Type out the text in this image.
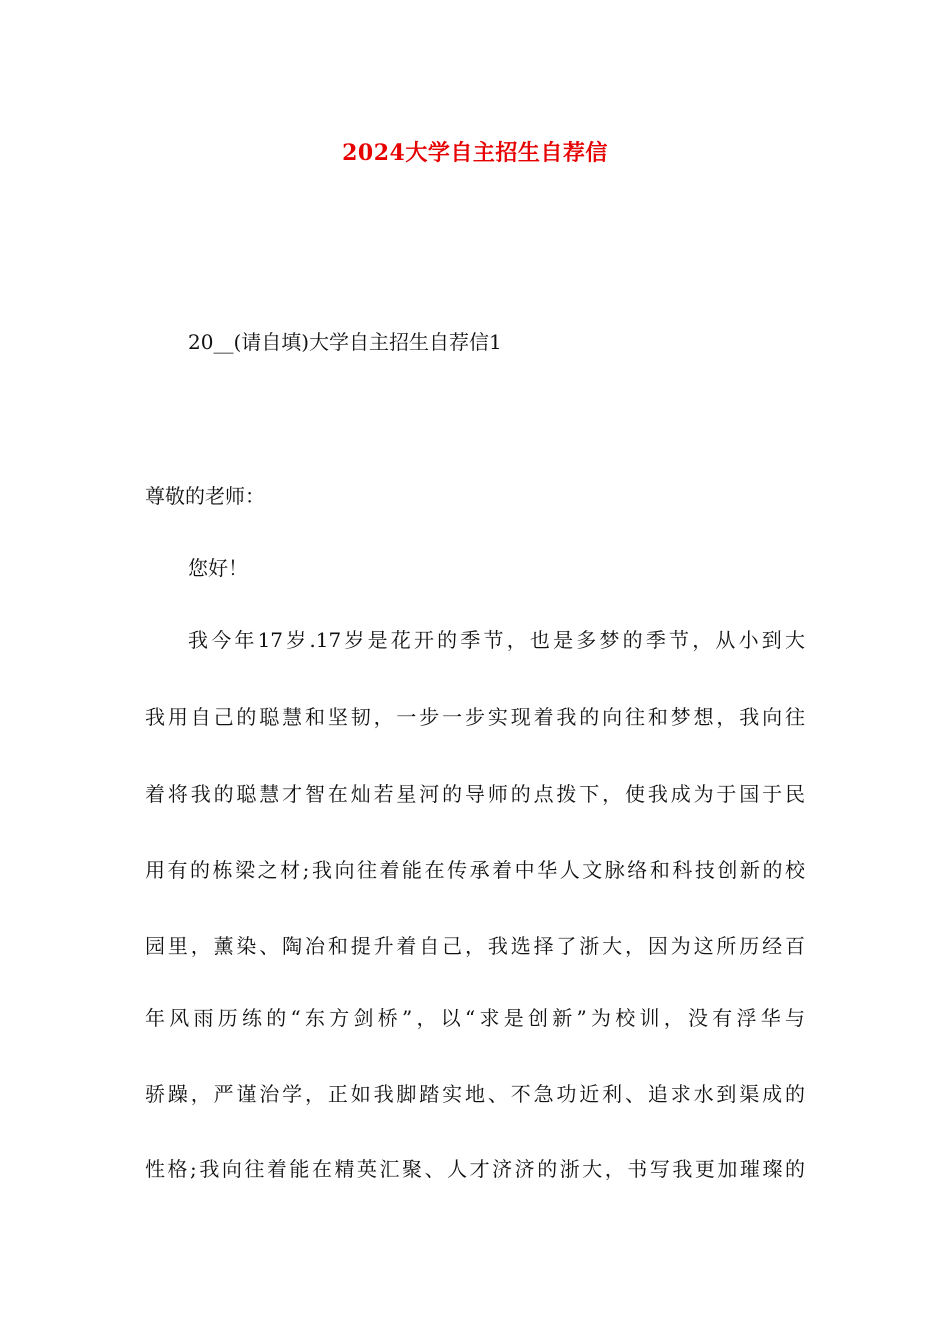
2024大学自主招生自荐信
20__(请自填)大学自主招生自荐信1
尊敬的老师：
您好！
我今年17岁.17岁是花开的季节，也是多梦的季节，从小到大
我用自己的聪慧和坚韧，一步一步实现着我的向往和梦想，我向往
着将我的聪慧才智在灿若星河的导师的点拨下，使我成为于国于民
用有的栋梁之材;我向往着能在传承着中华人文脉络和科技创新的校
园里，薰染、陶冶和提升着自己，我选择了浙大，因为这所历经百
年风雨历练的“东方剑桥”，以“求是创新”为校训，没有浮华与
骄躁，严谨治学，正如我脚踏实地、不急功近利、追求水到渠成的
性格;我向往着能在精英汇聚、人才济济的浙大，书写我更加璀璨的
